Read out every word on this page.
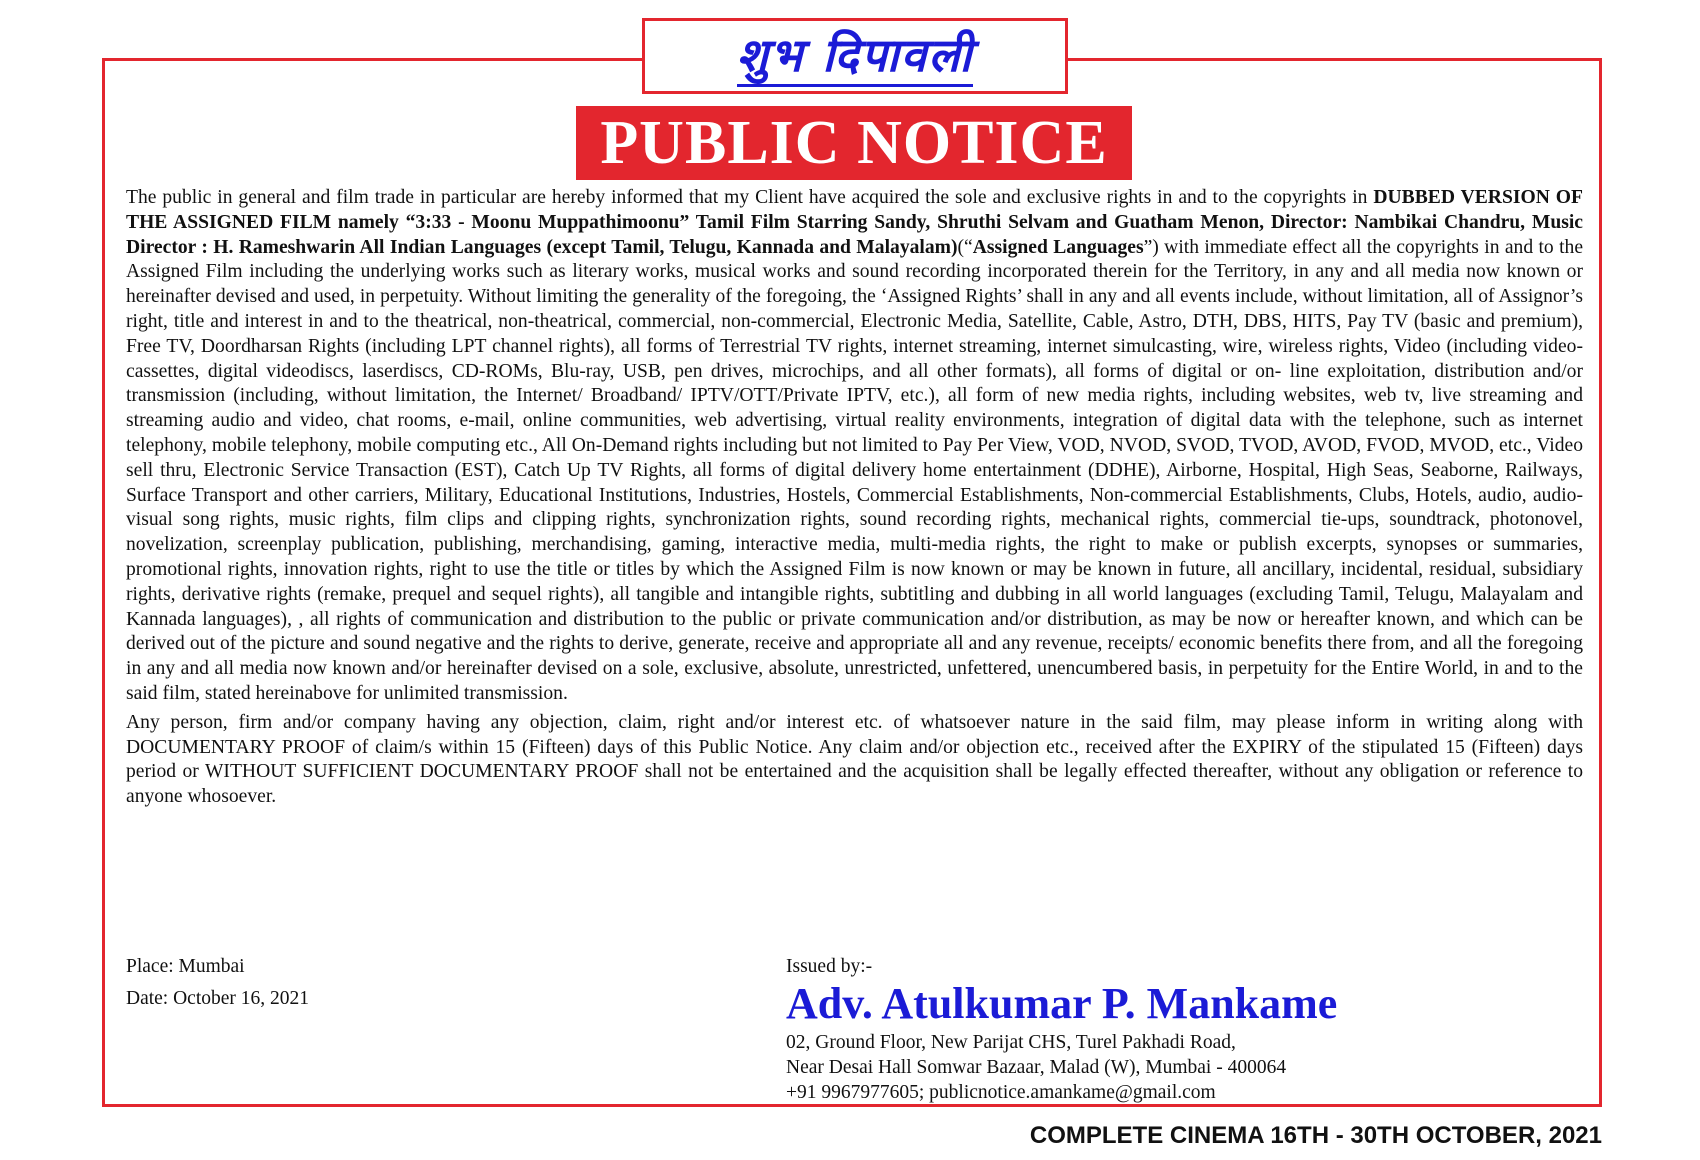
शुभ दिपावली
PUBLIC NOTICE

The public in general and film trade in particular are hereby informed that my Client have acquired the sole and exclusive rights in and to the copyrights in DUBBED VERSION OF THE ASSIGNED FILM namely “3:33 - Moonu Muppathimoonu” Tamil Film Starring Sandy, Shruthi Selvam and Guatham Menon, Director: Nambikai Chandru, Music Director : H. Rameshwarin All Indian Languages (except Tamil, Telugu, Kannada and Malayalam)(“Assigned Languages”) with immediate effect all the copyrights in and to the Assigned Film including the underlying works such as literary works, musical works and sound recording incorporated therein for the Territory, in any and all media now known or hereinafter devised and used, in perpetuity. Without limiting the generality of the foregoing, the ‘Assigned Rights’ shall in any and all events include, without limitation, all of Assignor’s right, title and interest in and to the theatrical, non-theatrical, commercial, non-commercial, Electronic Media, Satellite, Cable, Astro, DTH, DBS, HITS, Pay TV (basic and premium), Free TV, Doordharsan Rights (including LPT channel rights), all forms of Terrestrial TV rights, internet streaming, internet simulcasting, wire, wireless rights, Video (including video-cassettes, digital videodiscs, laserdiscs, CD-ROMs, Blu-ray, USB, pen drives, microchips, and all other formats), all forms of digital or on- line exploitation, distribution and/or transmission (including, without limitation, the Internet/ Broadband/ IPTV/OTT/Private IPTV, etc.), all form of new media rights, including websites, web tv, live streaming and streaming audio and video, chat rooms, e-mail, online communities, web advertising, virtual reality environments, integration of digital data with the telephone, such as internet telephony, mobile telephony, mobile computing etc., All On-Demand rights including but not limited to Pay Per View, VOD, NVOD, SVOD, TVOD, AVOD, FVOD, MVOD, etc., Video sell thru, Electronic Service Transaction (EST), Catch Up TV Rights, all forms of digital delivery home entertainment (DDHE), Airborne, Hospital, High Seas, Seaborne, Railways, Surface Transport and other carriers, Military, Educational Institutions, Industries, Hostels, Commercial Establishments, Non-commercial Establishments, Clubs, Hotels, audio, audio-visual song rights, music rights, film clips and clipping rights, synchronization rights, sound recording rights, mechanical rights, commercial tie-ups, soundtrack, photonovel, novelization, screenplay publication, publishing, merchandising, gaming, interactive media, multi-media rights, the right to make or publish excerpts, synopses or summaries, promotional rights, innovation rights, right to use the title or titles by which the Assigned Film is now known or may be known in future, all ancillary, incidental, residual, subsidiary rights, derivative rights (remake, prequel and sequel rights), all tangible and intangible rights, subtitling and dubbing in all world languages (excluding Tamil, Telugu, Malayalam and Kannada languages), , all rights of communication and distribution to the public or private communication and/or distribution, as may be now or hereafter known, and which can be derived out of the picture and sound negative and the rights to derive, generate, receive and appropriate all and any revenue, receipts/ economic benefits there from, and all the foregoing in any and all media now known and/or hereinafter devised on a sole, exclusive, absolute, unrestricted, unfettered, unencumbered basis, in perpetuity for the Entire World, in and to the said film, stated hereinabove for unlimited transmission.

Any person, firm and/or company having any objection, claim, right and/or interest etc. of whatsoever nature in the said film, may please inform in writing along with DOCUMENTARY PROOF of claim/s within 15 (Fifteen) days of this Public Notice. Any claim and/or objection etc., received after the EXPIRY of the stipulated 15 (Fifteen) days period or WITHOUT SUFFICIENT DOCUMENTARY PROOF shall not be entertained and the acquisition shall be legally effected thereafter, without any obligation or reference to anyone whosoever.

Place: Mumbai
Date: October 16, 2021
Issued by:-
Adv. Atulkumar P. Mankame
02, Ground Floor, New Parijat CHS, Turel Pakhadi Road,
Near Desai Hall Somwar Bazaar, Malad (W), Mumbai - 400064
+91 9967977605; publicnotice.amankame@gmail.com
COMPLETE CINEMA 16TH - 30TH OCTOBER, 2021
